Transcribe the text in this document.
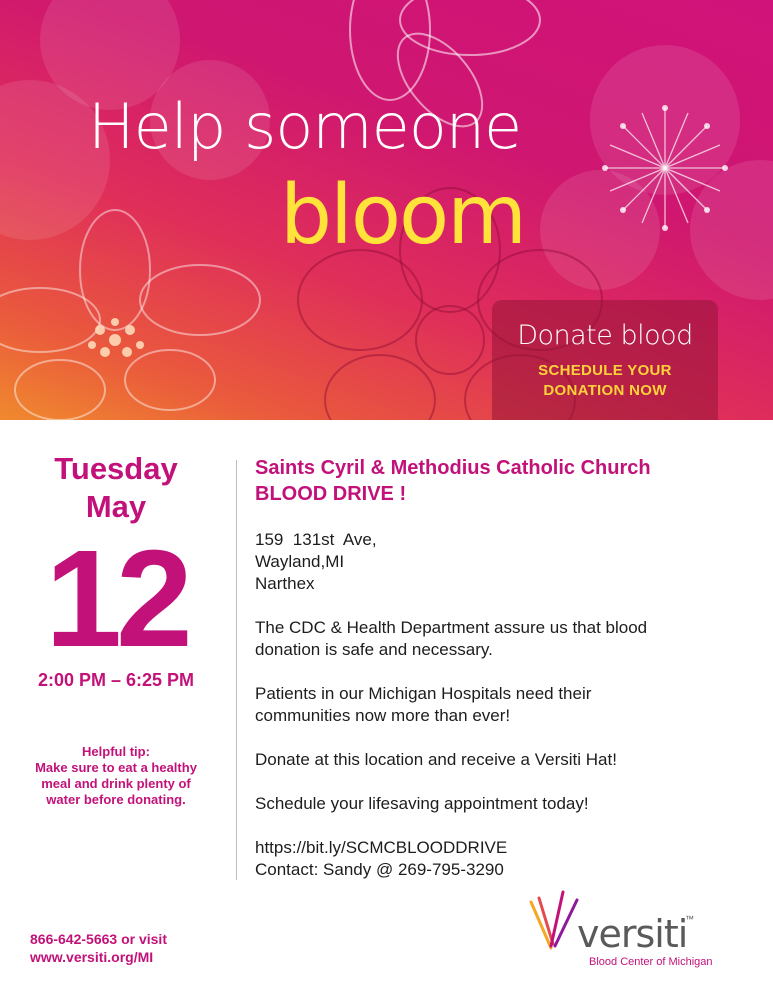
Help someone
bloom
Donate blood
SCHEDULE YOUR
DONATION NOW
Tuesday
May
12
2:00 PM – 6:25 PM
Helpful tip:
Make sure to eat a healthy
meal and drink plenty of
water before donating.
Saints Cyril & Methodius Catholic Church
BLOOD DRIVE !
159  131st  Ave,
Wayland,MI
Narthex
The CDC & Health Department assure us that blood
donation is safe and necessary.
Patients in our Michigan Hospitals need their
communities now more than ever!
Donate at this location and receive a Versiti Hat!
Schedule your lifesaving appointment today!
https://bit.ly/SCMCBLOODDRIVE
Contact: Sandy @ 269-795-3290
866-642-5663 or visit
www.versiti.org/MI
versiti
™
Blood Center of Michigan
